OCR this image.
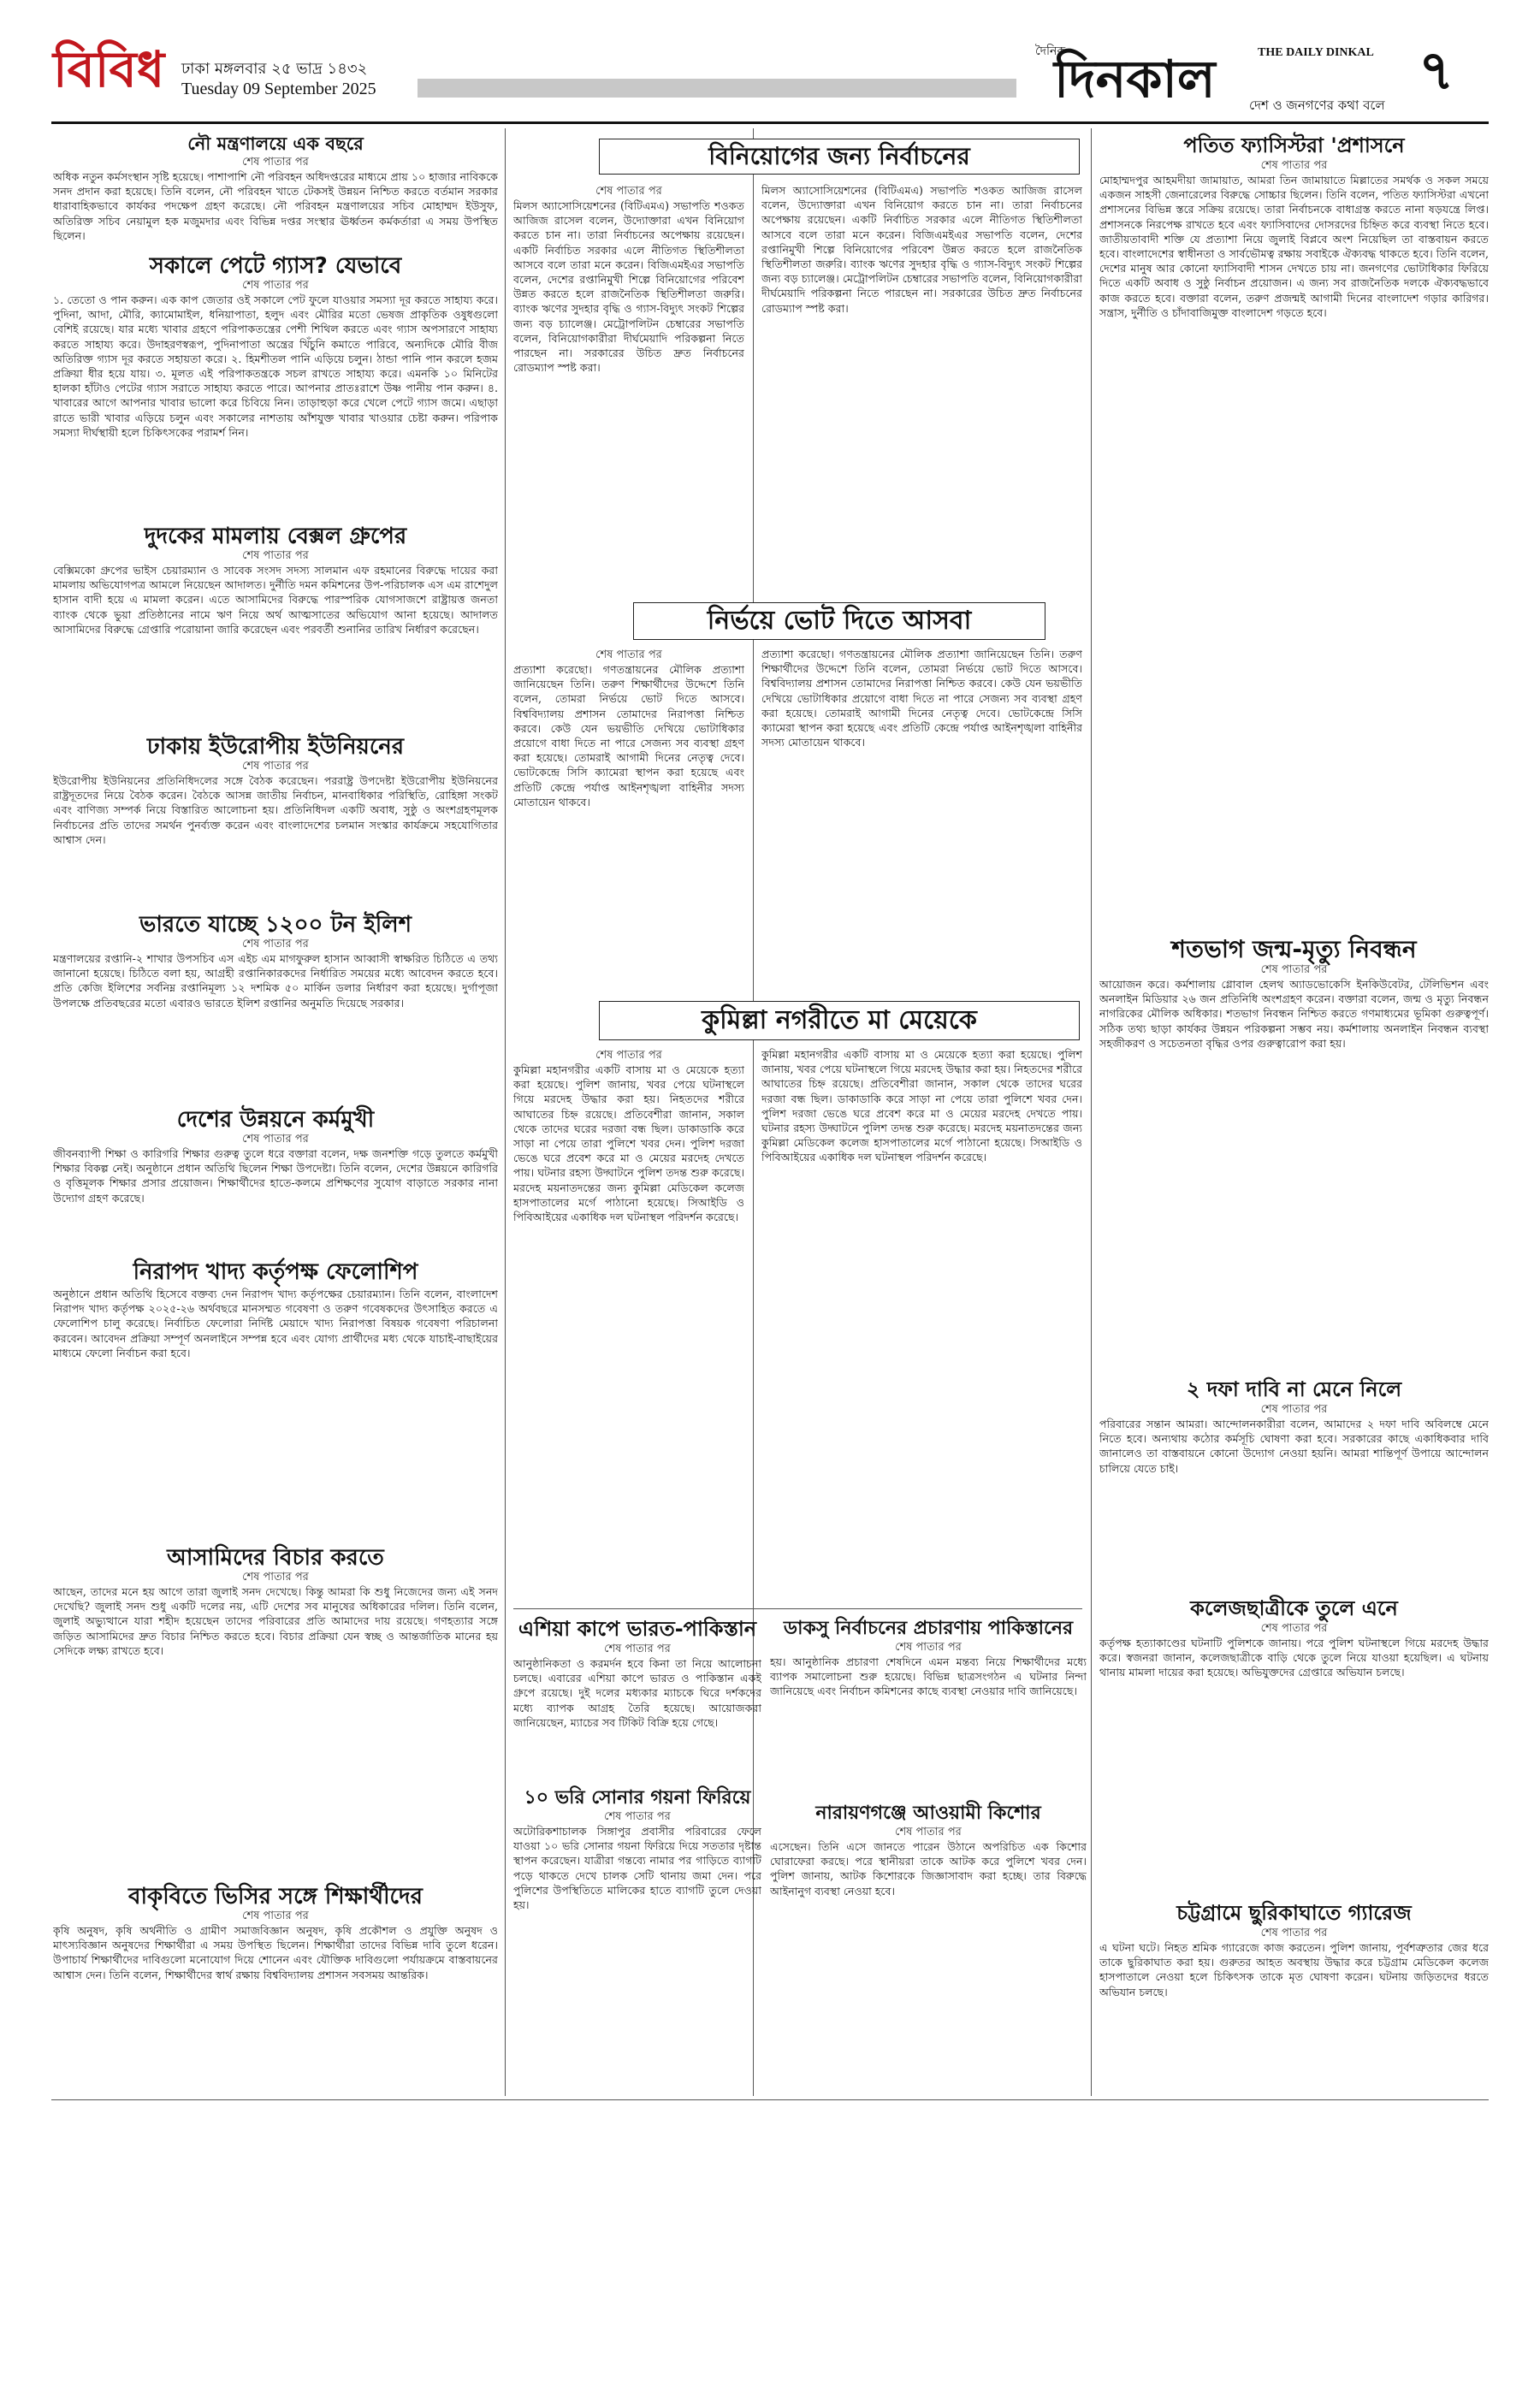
বিবিধ ঢাকা মঙ্গলবার ২৫ ভাদ্র ১৪৩২
Tuesday 09 September 2025
দৈনিক	THE DAILY DINKAL
দিনকাল	দেশ ও জনগণের কথা বলে
৭
নৌ মন্ত্রণালয়ে এক বছরে
শেষ পাতার পর
অধিক নতুন কর্মসংস্থান সৃষ্টি হয়েছে। পাশাপাশি নৌ পরিবহন অধিদপ্তরের মাধ্যমে প্রায় ১০ হাজার নাবিককে সনদ প্রদান করা হয়েছে। তিনি বলেন, নৌ পরিবহন খাতে টেকসই উন্নয়ন নিশ্চিত করতে বর্তমান সরকার ধারাবাহিকভাবে কার্যকর পদক্ষেপ গ্রহণ করেছে। নৌ পরিবহন মন্ত্রণালয়ের সচিব মোহাম্মদ ইউসুফ, অতিরিক্ত সচিব নেয়ামুল হক মজুমদার এবং বিভিন্ন দপ্তর সংস্থার ঊর্ধ্বতন কর্মকর্তারা এ সময় উপস্থিত ছিলেন।
সকালে পেটে গ্যাস? যেভাবে
শেষ পাতার পর
১. তেতাে ও পান করুন। এক কাপ জেতার ওই সকালে পেট ফুলে যাওয়ার সমস্যা দূর করতে সাহায্য করে। পুদিনা, আদা, মৌরি, ক্যামোমাইল, ধনিয়াপাতা, হলুদ এবং মৌরির মতো ভেষজ প্রাকৃতিক ওষুধগুলো বেশিই রয়েছে। যার মধ্যে খাবার গ্রহণে পরিপাকতন্ত্রের পেশী শিথিল করতে এবং গ্যাস অপসারণে সাহায্য করতে সাহায্য করে। উদাহরণস্বরূপ, পুদিনাপাতা অন্ত্রের খিঁচুনি কমাতে পারিবে, অন্যদিকে মৌরি বীজ অতিরিক্ত গ্যাস দূর করতে সহায়তা করে। ২. হিমশীতল পানি এড়িয়ে চলুন। ঠান্ডা পানি পান করলে হজম প্রক্রিয়া ধীর হয়ে যায়। ৩. মূলত এই পরিপাকতন্ত্রকে সচল রাখতে সাহায্য করে। এমনকি ১০ মিনিটের হালকা হাঁটাও পেটের গ্যাস সরাতে সাহায্য করতে পারে। আপনার প্রাতঃরাশে উষ্ণ পানীয় পান করুন। ৪. খাবারের আগে আপনার খাবার ভালো করে চিবিয়ে নিন। তাড়াহুড়া করে খেলে পেটে গ্যাস জমে। এছাড়া রাতে ভারী খাবার এড়িয়ে চলুন এবং সকালের নাশতায় আঁশযুক্ত খাবার খাওয়ার চেষ্টা করুন। পরিপাক সমস্যা দীর্ঘস্থায়ী হলে চিকিৎসকের পরামর্শ নিন।
দুদকের মামলায় বেক্সল গ্রুপের
শেষ পাতার পর
বেক্সিমকো গ্রুপের ভাইস চেয়ারম্যান ও সাবেক সংসদ সদস্য সালমান এফ রহমানের বিরুদ্ধে দায়ের করা মামলায় অভিযোগপত্র আমলে নিয়েছেন আদালত। দুর্নীতি দমন কমিশনের উপ-পরিচালক এস এম রাশেদুল হাসান বাদী হয়ে এ মামলা করেন। এতে আসামিদের বিরুদ্ধে পারস্পরিক যোগসাজশে রাষ্ট্রায়ত্ত জনতা ব্যাংক থেকে ভুয়া প্রতিষ্ঠানের নামে ঋণ নিয়ে অর্থ আত্মসাতের অভিযোগ আনা হয়েছে। আদালত আসামিদের বিরুদ্ধে গ্রেপ্তারি পরোয়ানা জারি করেছেন এবং পরবর্তী শুনানির তারিখ নির্ধারণ করেছেন।
ঢাকায় ইউরোপীয় ইউনিয়নের
শেষ পাতার পর
ইউরোপীয় ইউনিয়নের প্রতিনিধিদলের সঙ্গে বৈঠক করেছেন। পররাষ্ট্র উপদেষ্টা ইউরোপীয় ইউনিয়নের রাষ্ট্রদূতদের নিয়ে বৈঠক করেন। বৈঠকে আসন্ন জাতীয় নির্বাচন, মানবাধিকার পরিস্থিতি, রোহিঙ্গা সংকট এবং বাণিজ্য সম্পর্ক নিয়ে বিস্তারিত আলোচনা হয়। প্রতিনিধিদল একটি অবাধ, সুষ্ঠু ও অংশগ্রহণমূলক নির্বাচনের প্রতি তাদের সমর্থন পুনর্ব্যক্ত করেন এবং বাংলাদেশের চলমান সংস্কার কার্যক্রমে সহযোগিতার আশ্বাস দেন।
ভারতে যাচ্ছে ১২০০ টন ইলিশ
শেষ পাতার পর
মন্ত্রণালয়ের রপ্তানি-২ শাখার উপসচিব এস এইচ এম মাগফুরুল হাসান আব্বাসী স্বাক্ষরিত চিঠিতে এ তথ্য জানানো হয়েছে। চিঠিতে বলা হয়, আগ্রহী রপ্তানিকারকদের নির্ধারিত সময়ের মধ্যে আবেদন করতে হবে। প্রতি কেজি ইলিশের সর্বনিম্ন রপ্তানিমূল্য ১২ দশমিক ৫০ মার্কিন ডলার নির্ধারণ করা হয়েছে। দুর্গাপূজা উপলক্ষে প্রতিবছরের মতো এবারও ভারতে ইলিশ রপ্তানির অনুমতি দিয়েছে সরকার।
দেশের উন্নয়নে কর্মমুখী
শেষ পাতার পর
জীবনব্যাপী শিক্ষা ও কারিগরি শিক্ষার গুরুত্ব তুলে ধরে বক্তারা বলেন, দক্ষ জনশক্তি গড়ে তুলতে কর্মমুখী শিক্ষার বিকল্প নেই। অনুষ্ঠানে প্রধান অতিথি ছিলেন শিক্ষা উপদেষ্টা। তিনি বলেন, দেশের উন্নয়নে কারিগরি ও বৃত্তিমূলক শিক্ষার প্রসার প্রয়োজন। শিক্ষার্থীদের হাতে-কলমে প্রশিক্ষণের সুযোগ বাড়াতে সরকার নানা উদ্যোগ গ্রহণ করেছে।
নিরাপদ খাদ্য কর্তৃপক্ষ ফেলোশিপ
অনুষ্ঠানে প্রধান অতিথি হিসেবে বক্তব্য দেন নিরাপদ খাদ্য কর্তৃপক্ষের চেয়ারম্যান। তিনি বলেন, বাংলাদেশ নিরাপদ খাদ্য কর্তৃপক্ষ ২০২৫-২৬ অর্থবছরে মানসম্মত গবেষণা ও তরুণ গবেষকদের উৎসাহিত করতে এ ফেলোশিপ চালু করেছে। নির্বাচিত ফেলোরা নির্দিষ্ট মেয়াদে খাদ্য নিরাপত্তা বিষয়ক গবেষণা পরিচালনা করবেন। আবেদন প্রক্রিয়া সম্পূর্ণ অনলাইনে সম্পন্ন হবে এবং যোগ্য প্রার্থীদের মধ্য থেকে যাচাই-বাছাইয়ের মাধ্যমে ফেলো নির্বাচন করা হবে।
আসামিদের বিচার করতে
শেষ পাতার পর
আছেন, তাদের মনে হয় আগে তারা জুলাই সনদ দেখেছে। কিন্তু আমরা কি শুধু নিজেদের জন্য এই সনদ দেখেছি? জুলাই সনদ শুধু একটি দলের নয়, এটি দেশের সব মানুষের অধিকারের দলিল। তিনি বলেন, জুলাই অভ্যুত্থানে যারা শহীদ হয়েছেন তাদের পরিবারের প্রতি আমাদের দায় রয়েছে। গণহত্যার সঙ্গে জড়িত আসামিদের দ্রুত বিচার নিশ্চিত করতে হবে। বিচার প্রক্রিয়া যেন স্বচ্ছ ও আন্তর্জাতিক মানের হয় সেদিকে লক্ষ্য রাখতে হবে।
বাকৃবিতে ভিসির সঙ্গে শিক্ষার্থীদের
শেষ পাতার পর
কৃষি অনুষদ, কৃষি অর্থনীতি ও গ্রামীণ সমাজবিজ্ঞান অনুষদ, কৃষি প্রকৌশল ও প্রযুক্তি অনুষদ ও মাৎস্যবিজ্ঞান অনুষদের শিক্ষার্থীরা এ সময় উপস্থিত ছিলেন। শিক্ষার্থীরা তাদের বিভিন্ন দাবি তুলে ধরেন। উপাচার্য শিক্ষার্থীদের দাবিগুলো মনোযোগ দিয়ে শোনেন এবং যৌক্তিক দাবিগুলো পর্যায়ক্রমে বাস্তবায়নের আশ্বাস দেন। তিনি বলেন, শিক্ষার্থীদের স্বার্থ রক্ষায় বিশ্ববিদ্যালয় প্রশাসন সবসময় আন্তরিক।
বিনিয়োগের জন্য নির্বাচনের
শেষ পাতার পর
মিলস অ্যাসোসিয়েশনের (বিটিএমএ) সভাপতি শওকত আজিজ রাসেল বলেন, উদ্যোক্তারা এখন বিনিয়োগ করতে চান না। তারা নির্বাচনের অপেক্ষায় রয়েছেন। একটি নির্বাচিত সরকার এলে নীতিগত স্থিতিশীলতা আসবে বলে তারা মনে করেন। বিজিএমইএর সভাপতি বলেন, দেশের রপ্তানিমুখী শিল্পে বিনিয়োগের পরিবেশ উন্নত করতে হলে রাজনৈতিক স্থিতিশীলতা জরুরি। ব্যাংক ঋণের সুদহার বৃদ্ধি ও গ্যাস-বিদ্যুৎ সংকট শিল্পের জন্য বড় চ্যালেঞ্জ। মেট্রোপলিটন চেম্বারের সভাপতি বলেন, বিনিয়োগকারীরা দীর্ঘমেয়াদি পরিকল্পনা নিতে পারছেন না। সরকারের উচিত দ্রুত নির্বাচনের রোডম্যাপ স্পষ্ট করা।
মিলস অ্যাসোসিয়েশনের (বিটিএমএ) সভাপতি শওকত আজিজ রাসেল বলেন, উদ্যোক্তারা এখন বিনিয়োগ করতে চান না। তারা নির্বাচনের অপেক্ষায় রয়েছেন। একটি নির্বাচিত সরকার এলে নীতিগত স্থিতিশীলতা আসবে বলে তারা মনে করেন। বিজিএমইএর সভাপতি বলেন, দেশের রপ্তানিমুখী শিল্পে বিনিয়োগের পরিবেশ উন্নত করতে হলে রাজনৈতিক স্থিতিশীলতা জরুরি। ব্যাংক ঋণের সুদহার বৃদ্ধি ও গ্যাস-বিদ্যুৎ সংকট শিল্পের জন্য বড় চ্যালেঞ্জ। মেট্রোপলিটন চেম্বারের সভাপতি বলেন, বিনিয়োগকারীরা দীর্ঘমেয়াদি পরিকল্পনা নিতে পারছেন না। সরকারের উচিত দ্রুত নির্বাচনের রোডম্যাপ স্পষ্ট করা।
নির্ভয়ে ভোট দিতে আসবা
শেষ পাতার পর
প্রত্যাশা করেছো। গণতন্ত্রায়নের মৌলিক প্রত্যাশা জানিয়েছেন তিনি। তরুণ শিক্ষার্থীদের উদ্দেশে তিনি বলেন, তোমরা নির্ভয়ে ভোট দিতে আসবে। বিশ্ববিদ্যালয় প্রশাসন তোমাদের নিরাপত্তা নিশ্চিত করবে। কেউ যেন ভয়ভীতি দেখিয়ে ভোটাধিকার প্রয়োগে বাধা দিতে না পারে সেজন্য সব ব্যবস্থা গ্রহণ করা হয়েছে। তোমরাই আগামী দিনের নেতৃত্ব দেবে। ভোটকেন্দ্রে সিসি ক্যামেরা স্থাপন করা হয়েছে এবং প্রতিটি কেন্দ্রে পর্যাপ্ত আইনশৃঙ্খলা বাহিনীর সদস্য মোতায়েন থাকবে।
প্রত্যাশা করেছো। গণতন্ত্রায়নের মৌলিক প্রত্যাশা জানিয়েছেন তিনি। তরুণ শিক্ষার্থীদের উদ্দেশে তিনি বলেন, তোমরা নির্ভয়ে ভোট দিতে আসবে। বিশ্ববিদ্যালয় প্রশাসন তোমাদের নিরাপত্তা নিশ্চিত করবে। কেউ যেন ভয়ভীতি দেখিয়ে ভোটাধিকার প্রয়োগে বাধা দিতে না পারে সেজন্য সব ব্যবস্থা গ্রহণ করা হয়েছে। তোমরাই আগামী দিনের নেতৃত্ব দেবে। ভোটকেন্দ্রে সিসি ক্যামেরা স্থাপন করা হয়েছে এবং প্রতিটি কেন্দ্রে পর্যাপ্ত আইনশৃঙ্খলা বাহিনীর সদস্য মোতায়েন থাকবে।
কুমিল্লা নগরীতে মা মেয়েকে
শেষ পাতার পর
কুমিল্লা মহানগরীর একটি বাসায় মা ও মেয়েকে হত্যা করা হয়েছে। পুলিশ জানায়, খবর পেয়ে ঘটনাস্থলে গিয়ে মরদেহ উদ্ধার করা হয়। নিহতদের শরীরে আঘাতের চিহ্ন রয়েছে। প্রতিবেশীরা জানান, সকাল থেকে তাদের ঘরের দরজা বন্ধ ছিল। ডাকাডাকি করে সাড়া না পেয়ে তারা পুলিশে খবর দেন। পুলিশ দরজা ভেঙে ঘরে প্রবেশ করে মা ও মেয়ের মরদেহ দেখতে পায়। ঘটনার রহস্য উদ্ঘাটনে পুলিশ তদন্ত শুরু করেছে। মরদেহ ময়নাতদন্তের জন্য কুমিল্লা মেডিকেল কলেজ হাসপাতালের মর্গে পাঠানো হয়েছে। সিআইডি ও পিবিআইয়ের একাধিক দল ঘটনাস্থল পরিদর্শন করেছে।
কুমিল্লা মহানগরীর একটি বাসায় মা ও মেয়েকে হত্যা করা হয়েছে। পুলিশ জানায়, খবর পেয়ে ঘটনাস্থলে গিয়ে মরদেহ উদ্ধার করা হয়। নিহতদের শরীরে আঘাতের চিহ্ন রয়েছে। প্রতিবেশীরা জানান, সকাল থেকে তাদের ঘরের দরজা বন্ধ ছিল। ডাকাডাকি করে সাড়া না পেয়ে তারা পুলিশে খবর দেন। পুলিশ দরজা ভেঙে ঘরে প্রবেশ করে মা ও মেয়ের মরদেহ দেখতে পায়। ঘটনার রহস্য উদ্ঘাটনে পুলিশ তদন্ত শুরু করেছে। মরদেহ ময়নাতদন্তের জন্য কুমিল্লা মেডিকেল কলেজ হাসপাতালের মর্গে পাঠানো হয়েছে। সিআইডি ও পিবিআইয়ের একাধিক দল ঘটনাস্থল পরিদর্শন করেছে।
এশিয়া কাপে ভারত-পাকিস্তান
শেষ পাতার পর
আনুষ্ঠানিকতা ও করমর্দন হবে কিনা তা নিয়ে আলোচনা চলছে। এবারের এশিয়া কাপে ভারত ও পাকিস্তান একই গ্রুপে রয়েছে। দুই দলের মধ্যকার ম্যাচকে ঘিরে দর্শকদের মধ্যে ব্যাপক আগ্রহ তৈরি হয়েছে। আয়োজকরা জানিয়েছেন, ম্যাচের সব টিকিট বিক্রি হয়ে গেছে।
১০ ভরি সোনার গয়না ফিরিয়ে
শেষ পাতার পর
অটোরিকশাচালক সিঙ্গাপুর প্রবাসীর পরিবারের ফেলে যাওয়া ১০ ভরি সোনার গয়না ফিরিয়ে দিয়ে সততার দৃষ্টান্ত স্থাপন করেছেন। যাত্রীরা গন্তব্যে নামার পর গাড়িতে ব্যাগটি পড়ে থাকতে দেখে চালক সেটি থানায় জমা দেন। পরে পুলিশের উপস্থিতিতে মালিকের হাতে ব্যাগটি তুলে দেওয়া হয়।
ডাকসু নির্বাচনের প্রচারণায় পাকিস্তানের
শেষ পাতার পর
হয়। আনুষ্ঠানিক প্রচারণা শেষদিনে এমন মন্তব্য নিয়ে শিক্ষার্থীদের মধ্যে ব্যাপক সমালোচনা শুরু হয়েছে। বিভিন্ন ছাত্রসংগঠন এ ঘটনার নিন্দা জানিয়েছে এবং নির্বাচন কমিশনের কাছে ব্যবস্থা নেওয়ার দাবি জানিয়েছে।
নারায়ণগঞ্জে আওয়ামী কিশোর
শেষ পাতার পর
এসেছেন। তিনি এসে জানতে পারেন উঠানে অপরিচিত এক কিশোর ঘোরাফেরা করছে। পরে স্থানীয়রা তাকে আটক করে পুলিশে খবর দেন। পুলিশ জানায়, আটক কিশোরকে জিজ্ঞাসাবাদ করা হচ্ছে। তার বিরুদ্ধে আইনানুগ ব্যবস্থা নেওয়া হবে।
পতিত ফ্যাসিস্টরা 'প্রশাসনে
শেষ পাতার পর
মোহাম্মদপুর আহমদীয়া জামায়াত, আমরা তিন জামায়াতে মিল্লাতের সমর্থক ও সকল সময়ে একজন সাহসী জেনারেলের বিরুদ্ধে সোচ্চার ছিলেন। তিনি বলেন, পতিত ফ্যাসিস্টরা এখনো প্রশাসনের বিভিন্ন স্তরে সক্রিয় রয়েছে। তারা নির্বাচনকে বাধাগ্রস্ত করতে নানা ষড়যন্ত্রে লিপ্ত। প্রশাসনকে নিরপেক্ষ রাখতে হবে এবং ফ্যাসিবাদের দোসরদের চিহ্নিত করে ব্যবস্থা নিতে হবে। জাতীয়তাবাদী শক্তি যে প্রত্যাশা নিয়ে জুলাই বিপ্লবে অংশ নিয়েছিল তা বাস্তবায়ন করতে হবে। বাংলাদেশের স্বাধীনতা ও সার্বভৌমত্ব রক্ষায় সবাইকে ঐক্যবদ্ধ থাকতে হবে। তিনি বলেন, দেশের মানুষ আর কোনো ফ্যাসিবাদী শাসন দেখতে চায় না। জনগণের ভোটাধিকার ফিরিয়ে দিতে একটি অবাধ ও সুষ্ঠু নির্বাচন প্রয়োজন। এ জন্য সব রাজনৈতিক দলকে ঐক্যবদ্ধভাবে কাজ করতে হবে। বক্তারা বলেন, তরুণ প্রজন্মই আগামী দিনের বাংলাদেশ গড়ার কারিগর। সন্ত্রাস, দুর্নীতি ও চাঁদাবাজিমুক্ত বাংলাদেশ গড়তে হবে।
শতভাগ জন্ম-মৃত্যু নিবন্ধন
শেষ পাতার পর
আয়োজন করে। কর্মশালায় গ্লোবাল হেলথ অ্যাডভোকেসি ইনকিউবেটর, টেলিভিশন এবং অনলাইন মিডিয়ার ২৬ জন প্রতিনিধি অংশগ্রহণ করেন। বক্তারা বলেন, জন্ম ও মৃত্যু নিবন্ধন নাগরিকের মৌলিক অধিকার। শতভাগ নিবন্ধন নিশ্চিত করতে গণমাধ্যমের ভূমিকা গুরুত্বপূর্ণ। সঠিক তথ্য ছাড়া কার্যকর উন্নয়ন পরিকল্পনা সম্ভব নয়। কর্মশালায় অনলাইন নিবন্ধন ব্যবস্থা সহজীকরণ ও সচেতনতা বৃদ্ধির ওপর গুরুত্বারোপ করা হয়।
২ দফা দাবি না মেনে নিলে
শেষ পাতার পর
পরিবারের সন্তান আমরা। আন্দোলনকারীরা বলেন, আমাদের ২ দফা দাবি অবিলম্বে মেনে নিতে হবে। অন্যথায় কঠোর কর্মসূচি ঘোষণা করা হবে। সরকারের কাছে একাধিকবার দাবি জানালেও তা বাস্তবায়নে কোনো উদ্যোগ নেওয়া হয়নি। আমরা শান্তিপূর্ণ উপায়ে আন্দোলন চালিয়ে যেতে চাই।
কলেজছাত্রীকে তুলে এনে
শেষ পাতার পর
কর্তৃপক্ষ হত্যাকাণ্ডের ঘটনাটি পুলিশকে জানায়। পরে পুলিশ ঘটনাস্থলে গিয়ে মরদেহ উদ্ধার করে। স্বজনরা জানান, কলেজছাত্রীকে বাড়ি থেকে তুলে নিয়ে যাওয়া হয়েছিল। এ ঘটনায় থানায় মামলা দায়ের করা হয়েছে। অভিযুক্তদের গ্রেপ্তারে অভিযান চলছে।
চট্টগ্রামে ছুরিকাঘাতে গ্যারেজ
শেষ পাতার পর
এ ঘটনা ঘটে। নিহত শ্রমিক গ্যারেজে কাজ করতেন। পুলিশ জানায়, পূর্বশত্রুতার জের ধরে তাকে ছুরিকাঘাত করা হয়। গুরুতর আহত অবস্থায় উদ্ধার করে চট্টগ্রাম মেডিকেল কলেজ হাসপাতালে নেওয়া হলে চিকিৎসক তাকে মৃত ঘোষণা করেন। ঘটনায় জড়িতদের ধরতে অভিযান চলছে।
